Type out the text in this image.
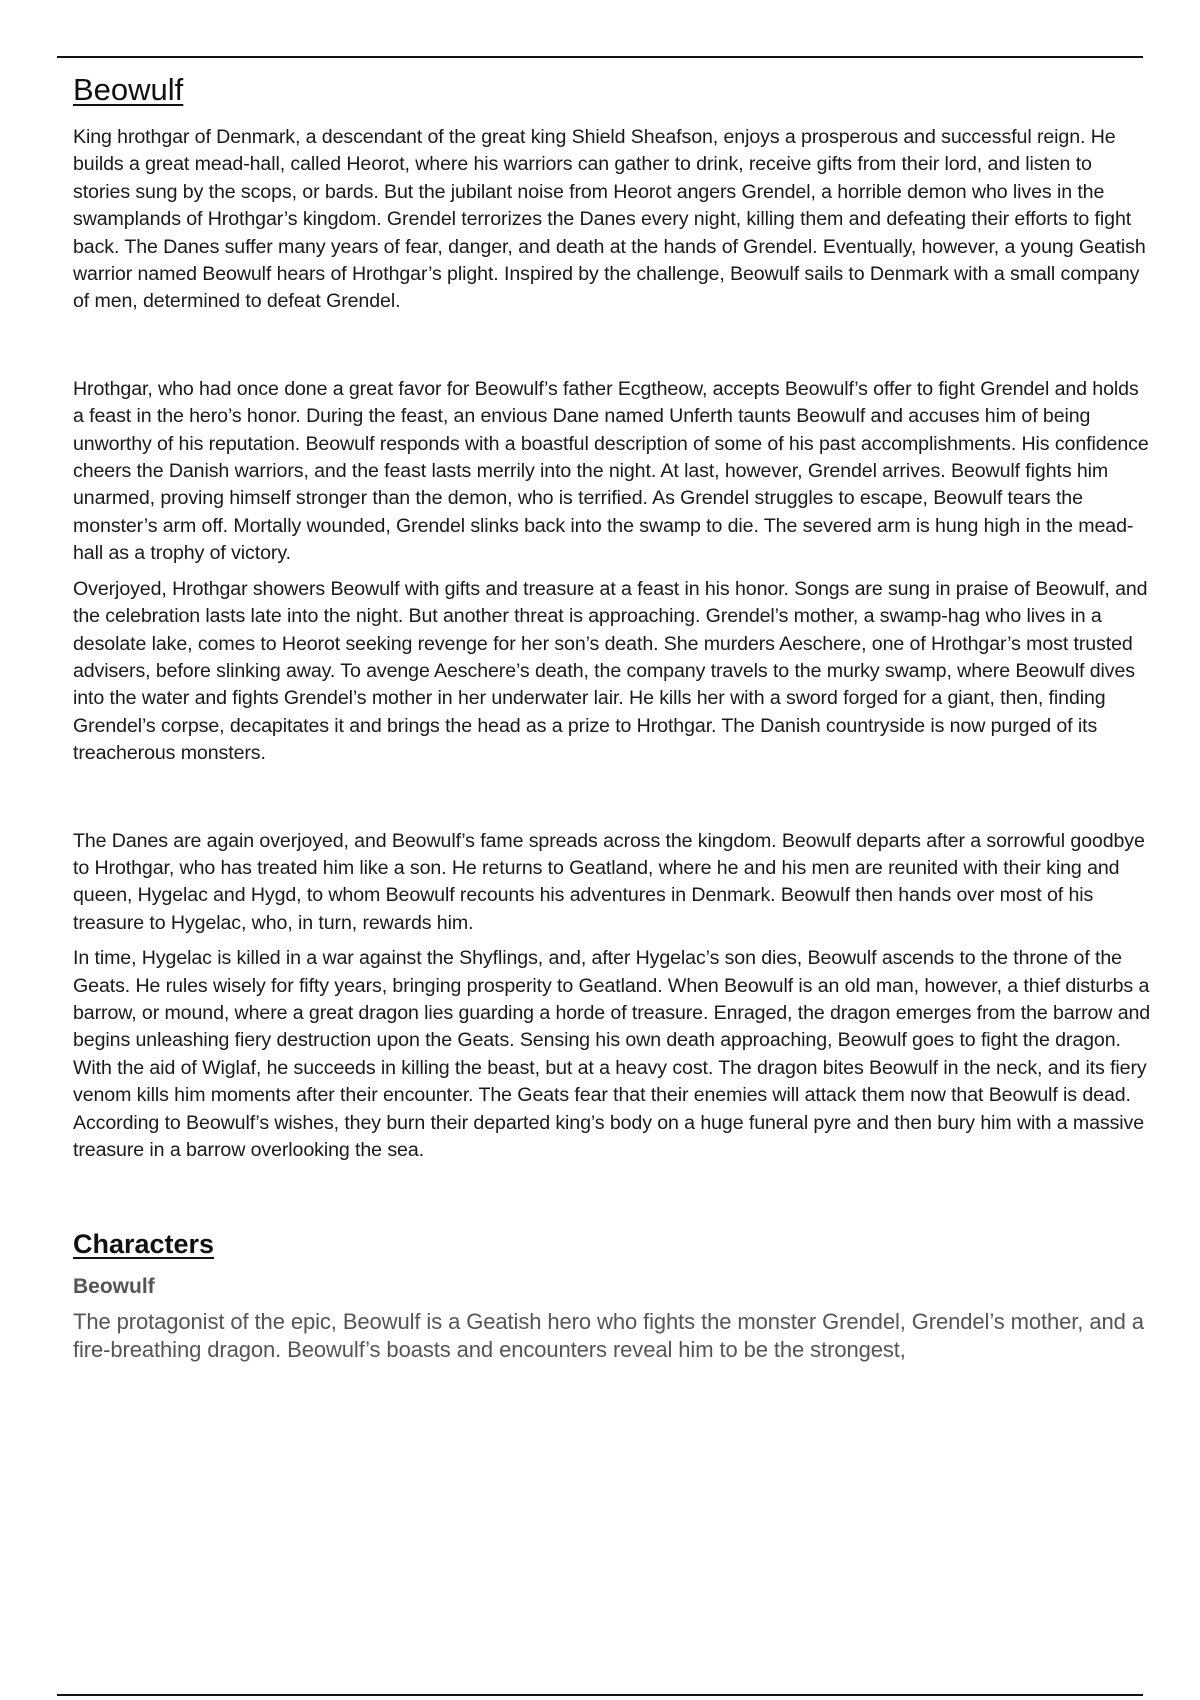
Beowulf

King hrothgar of Denmark, a descendant of the great king Shield Sheafson, enjoys a prosperous and successful reign. He builds a great mead-hall, called Heorot, where his warriors can gather to drink, receive gifts from their lord, and listen to stories sung by the scops, or bards. But the jubilant noise from Heorot angers Grendel, a horrible demon who lives in the swamplands of Hrothgar’s kingdom. Grendel terrorizes the Danes every night, killing them and defeating their efforts to fight back. The Danes suffer many years of fear, danger, and death at the hands of Grendel. Eventually, however, a young Geatish warrior named Beowulf hears of Hrothgar’s plight. Inspired by the challenge, Beowulf sails to Denmark with a small company of men, determined to defeat Grendel.

Hrothgar, who had once done a great favor for Beowulf’s father Ecgtheow, accepts Beowulf’s offer to fight Grendel and holds a feast in the hero’s honor. During the feast, an envious Dane named Unferth taunts Beowulf and accuses him of being unworthy of his reputation. Beowulf responds with a boastful description of some of his past accomplishments. His confidence cheers the Danish warriors, and the feast lasts merrily into the night. At last, however, Grendel arrives. Beowulf fights him unarmed, proving himself stronger than the demon, who is terrified. As Grendel struggles to escape, Beowulf tears the monster’s arm off. Mortally wounded, Grendel slinks back into the swamp to die. The severed arm is hung high in the mead-hall as a trophy of victory.

Overjoyed, Hrothgar showers Beowulf with gifts and treasure at a feast in his honor. Songs are sung in praise of Beowulf, and the celebration lasts late into the night. But another threat is approaching. Grendel’s mother, a swamp-hag who lives in a desolate lake, comes to Heorot seeking revenge for her son’s death. She murders Aeschere, one of Hrothgar’s most trusted advisers, before slinking away. To avenge Aeschere’s death, the company travels to the murky swamp, where Beowulf dives into the water and fights Grendel’s mother in her underwater lair. He kills her with a sword forged for a giant, then, finding Grendel’s corpse, decapitates it and brings the head as a prize to Hrothgar. The Danish countryside is now purged of its treacherous monsters.

The Danes are again overjoyed, and Beowulf’s fame spreads across the kingdom. Beowulf departs after a sorrowful goodbye to Hrothgar, who has treated him like a son. He returns to Geatland, where he and his men are reunited with their king and queen, Hygelac and Hygd, to whom Beowulf recounts his adventures in Denmark. Beowulf then hands over most of his treasure to Hygelac, who, in turn, rewards him.

In time, Hygelac is killed in a war against the Shyflings, and, after Hygelac’s son dies, Beowulf ascends to the throne of the Geats. He rules wisely for fifty years, bringing prosperity to Geatland. When Beowulf is an old man, however, a thief disturbs a barrow, or mound, where a great dragon lies guarding a horde of treasure. Enraged, the dragon emerges from the barrow and begins unleashing fiery destruction upon the Geats. Sensing his own death approaching, Beowulf goes to fight the dragon. With the aid of Wiglaf, he succeeds in killing the beast, but at a heavy cost. The dragon bites Beowulf in the neck, and its fiery venom kills him moments after their encounter. The Geats fear that their enemies will attack them now that Beowulf is dead. According to Beowulf’s wishes, they burn their departed king’s body on a huge funeral pyre and then bury him with a massive treasure in a barrow overlooking the sea.

Characters
Beowulf

The protagonist of the epic, Beowulf is a Geatish hero who fights the monster Grendel, Grendel’s mother, and a fire-breathing dragon. Beowulf’s boasts and encounters reveal him to be the strongest,
